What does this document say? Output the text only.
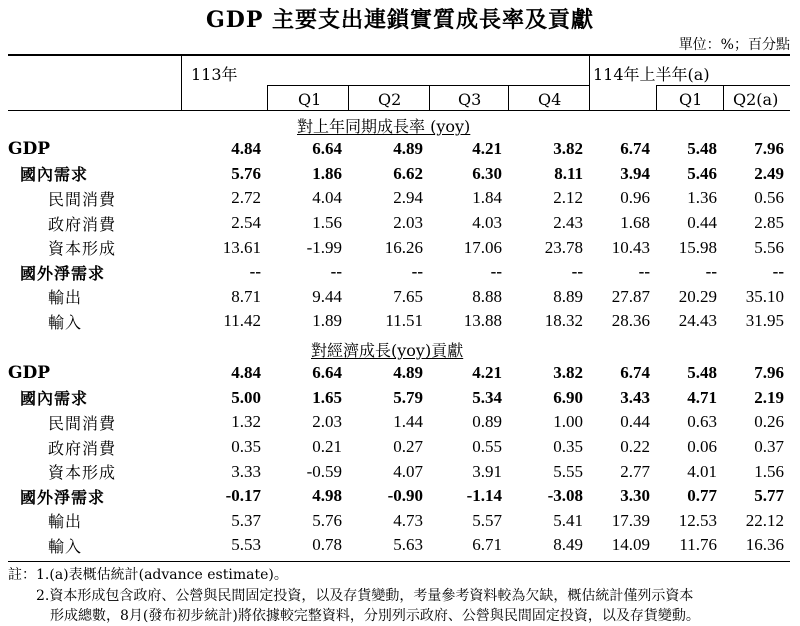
GDP 主要支出連鎖實質成長率及貢獻
單位：%；百分點
113年	114年上半年(a)
Q1	Q2	Q3	Q4	Q1 Q2(a)
對上年同期成長率 (yoy)
GDP	4.84	6.64	4.89	4.21	3.82	6.74	5.48	7.96
國內需求	5.76	1.86	6.62	6.30	8.11	3.94	5.46	2.49
民間消費	2.72	4.04	2.94	1.84	2.12	0.96	1.36	0.56
政府消費	2.54	1.56	2.03	4.03	2.43	1.68	0.44	2.85
資本形成	13.61	-1.99	16.26	17.06	23.78	10.43	15.98	5.56
國外淨需求	--	--	--	--	--	--	--	--
輸出	8.71	9.44	7.65	8.88	8.89	27.87	20.29	35.10
輸入	11.42	1.89	11.51	13.88	18.32	28.36	24.43	31.95
對經濟成長(yoy)貢獻
GDP	4.84	6.64	4.89	4.21	3.82	6.74	5.48	7.96
國內需求	5.00	1.65	5.79	5.34	6.90	3.43	4.71	2.19
民間消費	1.32	2.03	1.44	0.89	1.00	0.44	0.63	0.26
政府消費	0.35	0.21	0.27	0.55	0.35	0.22	0.06	0.37
資本形成	3.33	-0.59	4.07	3.91	5.55	2.77	4.01	1.56
國外淨需求	-0.17	4.98	-0.90	-1.14	-3.08	3.30	0.77	5.77
輸出	5.37	5.76	4.73	5.57	5.41	17.39	12.53	22.12
輸入	5.53	0.78	5.63	6.71	8.49	14.09	11.76	16.36
註：1.(a)表概估統計(advance estimate)。
2.資本形成包含政府、公營與民間固定投資，以及存貨變動，考量參考資料較為欠缺，概估統計僅列示資本
形成總數，8月(發布初步統計)將依據較完整資料，分別列示政府、公營與民間固定投資，以及存貨變動。
